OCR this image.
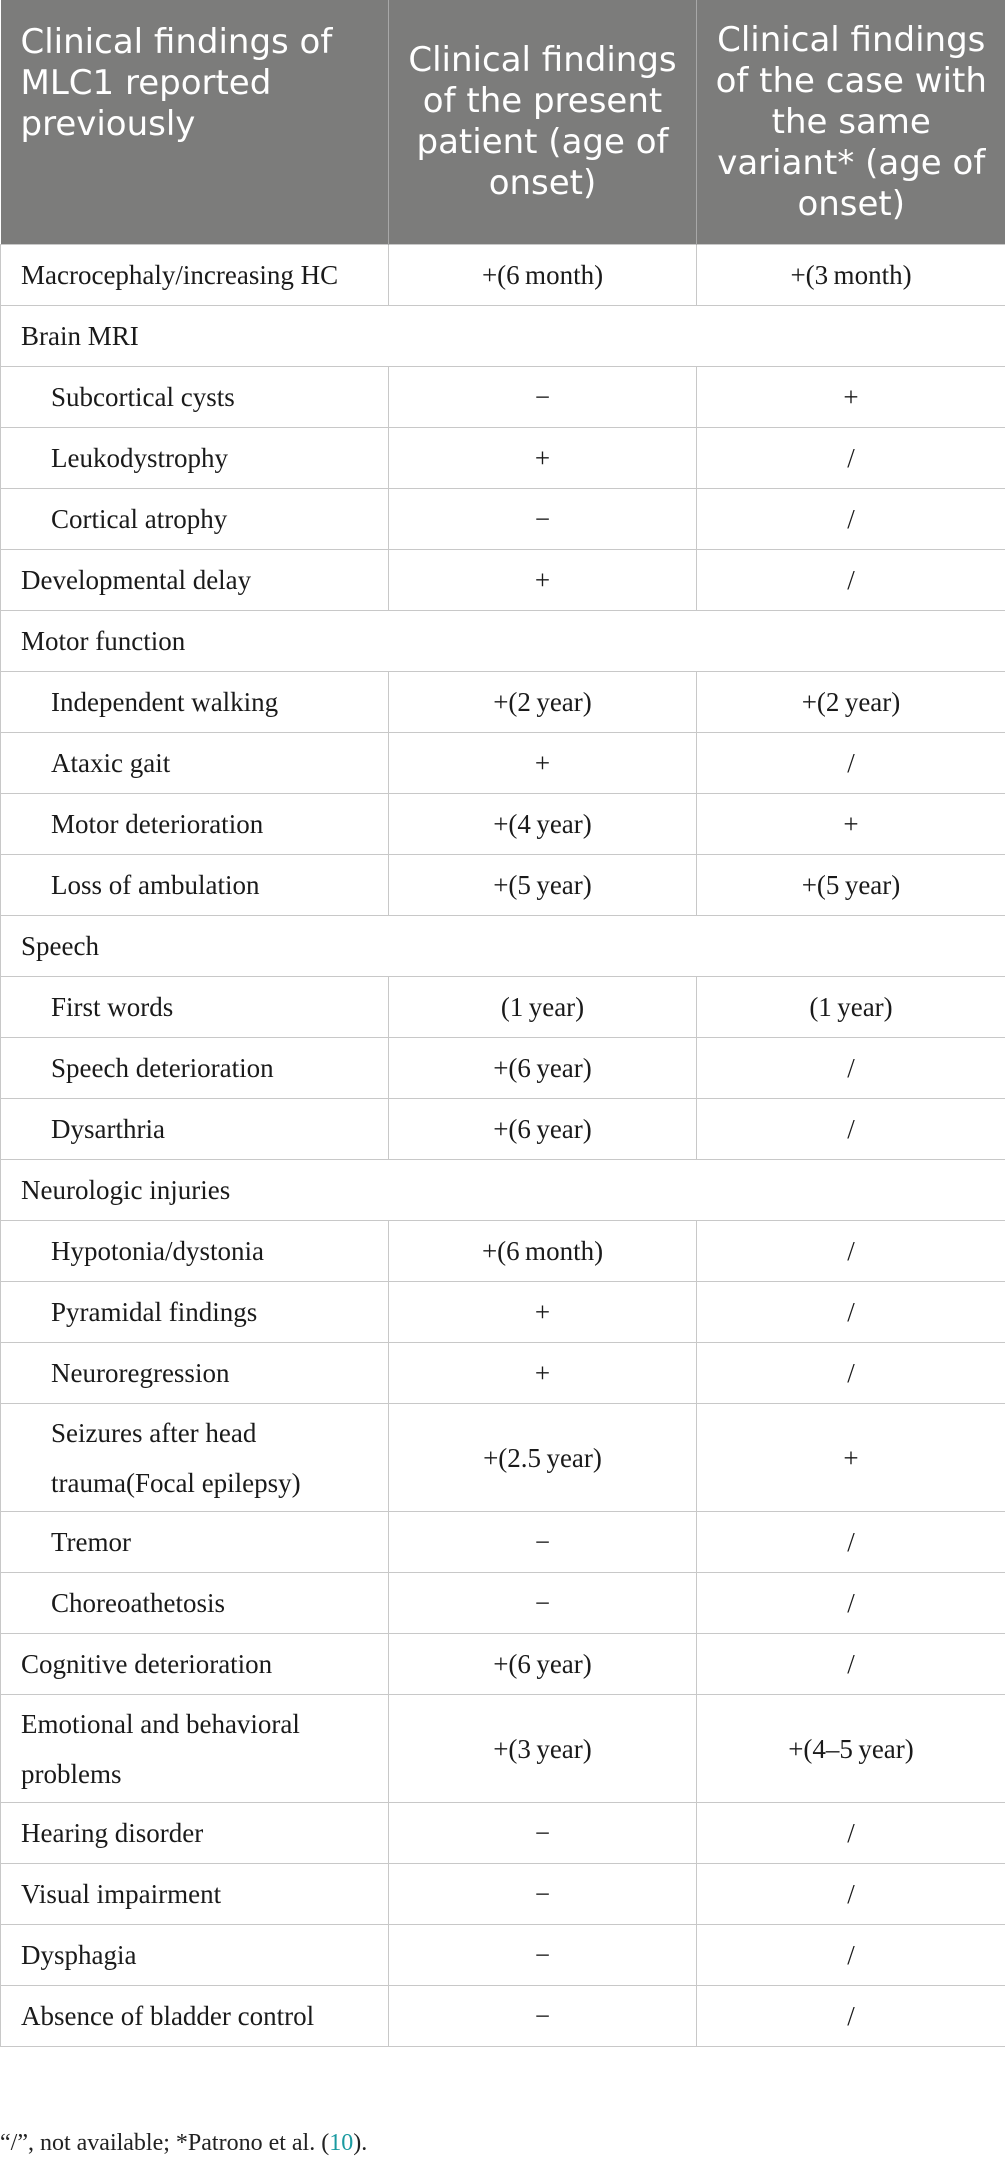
Clinical findings of MLC1 reported previously	Clinical findings of the present patient (age of onset)	Clinical findings of the case with the same variant* (age of onset)
Macrocephaly/increasing HC	+(6 month)	+(3 month)
Brain MRI		
Subcortical cysts	−	+
Leukodystrophy	+	/
Cortical atrophy	−	/
Developmental delay	+	/
Motor function		
Independent walking	+(2 year)	+(2 year)
Ataxic gait	+	/
Motor deterioration	+(4 year)	+
Loss of ambulation	+(5 year)	+(5 year)
Speech		
First words	(1 year)	(1 year)
Speech deterioration	+(6 year)	/
Dysarthria	+(6 year)	/
Neurologic injuries		
Hypotonia/dystonia	+(6 month)	/
Pyramidal findings	+	/
Neuroregression	+	/
Seizures after head trauma(Focal epilepsy)	+(2.5 year)	+
Tremor	−	/
Choreoathetosis	−	/
Cognitive deterioration	+(6 year)	/
Emotional and behavioral problems	+(3 year)	+(4–5 year)
Hearing disorder	−	/
Visual impairment	−	/
Dysphagia	−	/
Absence of bladder control	−	/
“/”, not available; *Patrono et al. (10).
